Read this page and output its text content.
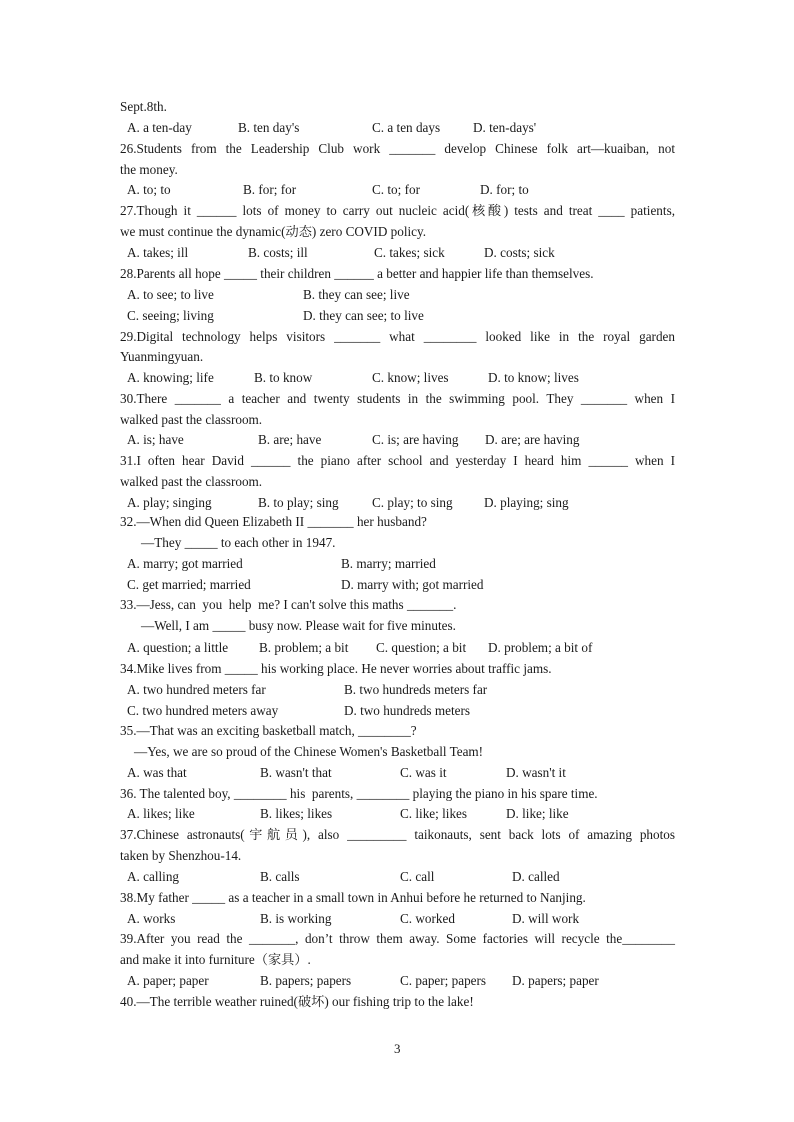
Sept.8th.
A. a ten-day	B. ten day's	C. a ten days D. ten-days'
26.Students from the Leadership Club work _______ develop Chinese folk art—kuaiban, not
the money.
A. to; to	B. for; for	C. to; for	D. for; to
27.Though it ______ lots of money to carry out nucleic acid(核酸) tests and treat ____ patients,
we must continue the dynamic(动态) zero COVID policy.
A. takes; ill	B. costs; ill	C. takes; sick	D. costs; sick
28.Parents all hope _____ their children ______ a better and happier life than themselves.
A. to see; to live	B. they can see; live
C. seeing; living	D. they can see; to live
29.Digital technology helps visitors _______ what ________ looked like in the royal garden
Yuanmingyuan.
A. knowing; life	B. to know	C. know; lives	D. to know; lives
30.There _______ a teacher and twenty students in the swimming pool. They _______ when I
walked past the classroom.
A. is; have	B. are; have	C. is; are having D. are; are having
31.I often hear David ______ the piano after school and yesterday I heard him ______ when I
walked past the classroom.
A. play; singing	B. to play; sing	C. play; to sing D. playing; sing
32.—When did Queen Elizabeth II _______ her husband?
—They _____ to each other in 1947.
A. marry; got married	B. marry; married
C. get married; married	D. marry with; got married
33.—Jess, can  you  help  me? I can't solve this maths _______.
—Well, I am _____ busy now. Please wait for five minutes.
A. question; a little B. problem; a bit C. question; a bit D. problem; a bit of
34.Mike lives from _____ his working place. He never worries about traffic jams.
A. two hundred meters far	B. two hundreds meters far
C. two hundred meters away	D. two hundreds meters
35.—That was an exciting basketball match, ________?
—Yes, we are so proud of the Chinese Women's Basketball Team!
A. was that	B. wasn't that	C. was it	D. wasn't it
36. The talented boy, ________ his  parents, ________ playing the piano in his spare time.
A. likes; like	B. likes; likes	C. like; likes	D. like; like
37.Chinese astronauts(宇航员), also _________ taikonauts, sent back lots of amazing photos
taken by Shenzhou-14.
A. calling	B. calls	C. call	D. called
38.My father _____ as a teacher in a small town in Anhui before he returned to Nanjing.
A. works	B. is working	C. worked	D. will work
39.After you read the _______, don’t throw them away. Some factories will recycle the________
and make it into furniture（家具）.
A. paper; paper	B. papers; papers	C. paper; papers D. papers; paper
40.—The terrible weather ruined(破坏) our fishing trip to the lake!
3
